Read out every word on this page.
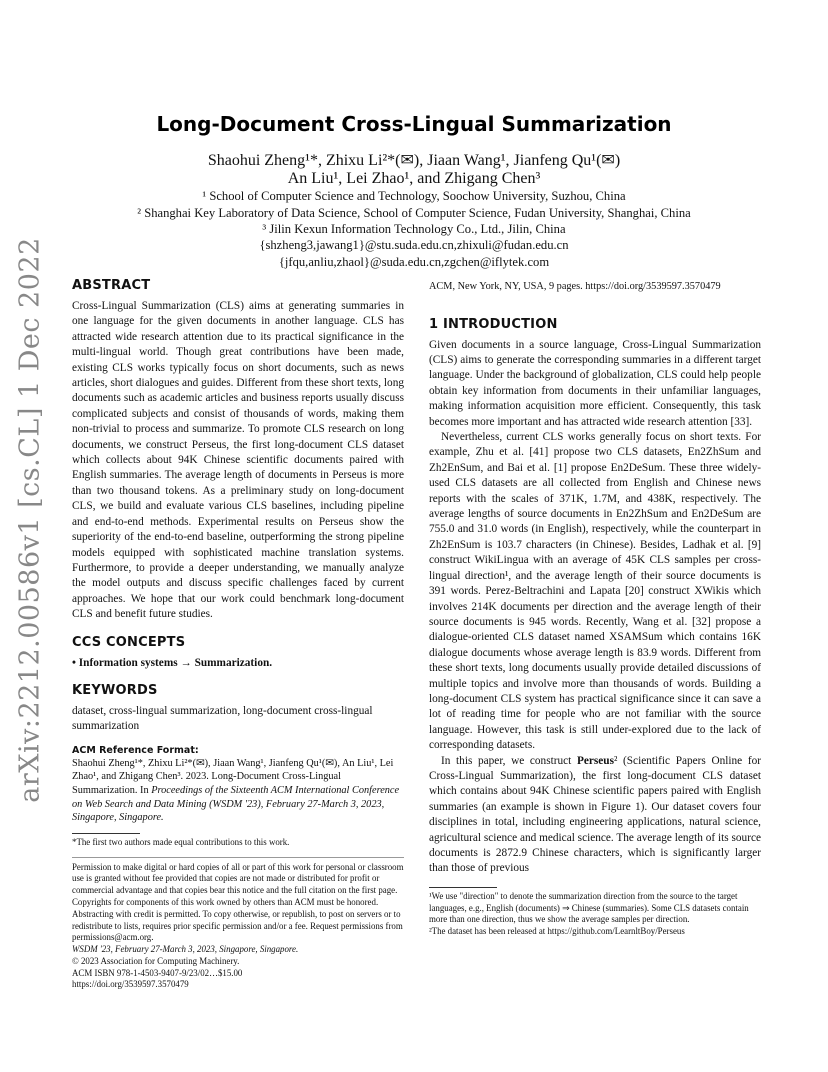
arXiv:2212.00586v1 [cs.CL] 1 Dec 2022
Long-Document Cross-Lingual Summarization
Shaohui Zheng¹*, Zhixu Li²*(✉), Jiaan Wang¹, Jianfeng Qu¹(✉)
An Liu¹, Lei Zhao¹, and Zhigang Chen³
¹ School of Computer Science and Technology, Soochow University, Suzhou, China
² Shanghai Key Laboratory of Data Science, School of Computer Science, Fudan University, Shanghai, China
³ Jilin Kexun Information Technology Co., Ltd., Jilin, China
{shzheng3,jawang1}@stu.suda.edu.cn,zhixuli@fudan.edu.cn
{jfqu,anliu,zhaol}@suda.edu.cn,zgchen@iflytek.com
ABSTRACT

Cross-Lingual Summarization (CLS) aims at generating summaries in one language for the given documents in another language. CLS has attracted wide research attention due to its practical significance in the multi-lingual world. Though great contributions have been made, existing CLS works typically focus on short documents, such as news articles, short dialogues and guides. Different from these short texts, long documents such as academic articles and business reports usually discuss complicated subjects and consist of thousands of words, making them non-trivial to process and summarize. To promote CLS research on long documents, we construct Perseus, the first long-document CLS dataset which collects about 94K Chinese scientific documents paired with English summaries. The average length of documents in Perseus is more than two thousand tokens. As a preliminary study on long-document CLS, we build and evaluate various CLS baselines, including pipeline and end-to-end methods. Experimental results on Perseus show the superiority of the end-to-end baseline, outperforming the strong pipeline models equipped with sophisticated machine translation systems. Furthermore, to provide a deeper understanding, we manually analyze the model outputs and discuss specific challenges faced by current approaches. We hope that our work could benchmark long-document CLS and benefit future studies.

CCS CONCEPTS

• Information systems → Summarization.

KEYWORDS

dataset, cross-lingual summarization, long-document cross-lingual summarization

ACM Reference Format:

Shaohui Zheng¹*, Zhixu Li²*(✉), Jiaan Wang¹, Jianfeng Qu¹(✉), An Liu¹, Lei Zhao¹, and Zhigang Chen³. 2023. Long-Document Cross-Lingual Summarization. In Proceedings of the Sixteenth ACM International Conference on Web Search and Data Mining (WSDM '23), February 27-March 3, 2023, Singapore, Singapore.

*The first two authors made equal contributions to this work.

Permission to make digital or hard copies of all or part of this work for personal or classroom use is granted without fee provided that copies are not made or distributed for profit or commercial advantage and that copies bear this notice and the full citation on the first page. Copyrights for components of this work owned by others than ACM must be honored. Abstracting with credit is permitted. To copy otherwise, or republish, to post on servers or to redistribute to lists, requires prior specific permission and/or a fee. Request permissions from permissions@acm.org.

WSDM '23, February 27-March 3, 2023, Singapore, Singapore.

© 2023 Association for Computing Machinery.

ACM ISBN 978-1-4503-9407-9/23/02…$15.00

https://doi.org/3539597.3570479

ACM, New York, NY, USA, 9 pages. https://doi.org/3539597.3570479

1 INTRODUCTION

Given documents in a source language, Cross-Lingual Summarization (CLS) aims to generate the corresponding summaries in a different target language. Under the background of globalization, CLS could help people obtain key information from documents in their unfamiliar languages, making information acquisition more efficient. Consequently, this task becomes more important and has attracted wide research attention [33].

Nevertheless, current CLS works generally focus on short texts. For example, Zhu et al. [41] propose two CLS datasets, En2ZhSum and Zh2EnSum, and Bai et al. [1] propose En2DeSum. These three widely-used CLS datasets are all collected from English and Chinese news reports with the scales of 371K, 1.7M, and 438K, respectively. The average lengths of source documents in En2ZhSum and En2DeSum are 755.0 and 31.0 words (in English), respectively, while the counterpart in Zh2EnSum is 103.7 characters (in Chinese). Besides, Ladhak et al. [9] construct WikiLingua with an average of 45K CLS samples per cross-lingual direction¹, and the average length of their source documents is 391 words. Perez-Beltrachini and Lapata [20] construct XWikis which involves 214K documents per direction and the average length of their source documents is 945 words. Recently, Wang et al. [32] propose a dialogue-oriented CLS dataset named XSAMSum which contains 16K dialogue documents whose average length is 83.9 words. Different from these short texts, long documents usually provide detailed discussions of multiple topics and involve more than thousands of words. Building a long-document CLS system has practical significance since it can save a lot of reading time for people who are not familiar with the source language. However, this task is still under-explored due to the lack of corresponding datasets.

In this paper, we construct Perseus² (Scientific Papers Online for Cross-Lingual Summarization), the first long-document CLS dataset which contains about 94K Chinese scientific papers paired with English summaries (an example is shown in Figure 1). Our dataset covers four disciplines in total, including engineering applications, natural science, agricultural science and medical science. The average length of its source documents is 2872.9 Chinese characters, which is significantly larger than those of previous

¹We use "direction" to denote the summarization direction from the source to the target languages, e.g., English (documents) ⇒ Chinese (summaries). Some CLS datasets contain more than one direction, thus we show the average samples per direction.

²The dataset has been released at https://github.com/LearnltBoy/Perseus
